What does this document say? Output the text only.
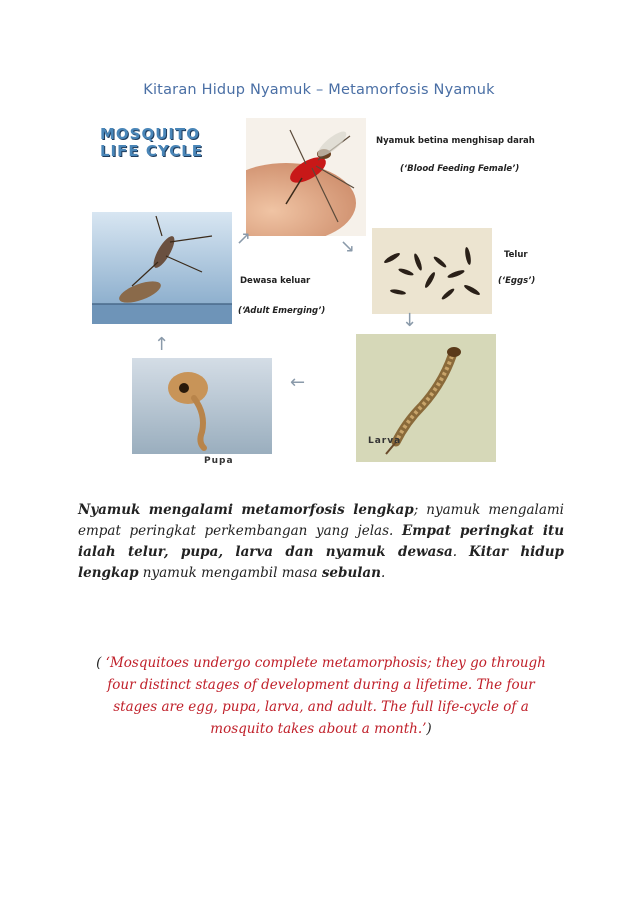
Kitaran Hidup Nyamuk – Metamorfosis Nyamuk
MOSQUITO
LIFE CYCLE
Nyamuk betina menghisap darah
(‘Blood Feeding Female’)
Telur
(‘Eggs’)
Dewasa keluar
(‘Adult Emerging’)
Larva
Pupa
↗	↘
↓
←
↑
Nyamuk mengalami metamorfosis lengkap; nyamuk mengalami empat peringkat perkembangan yang jelas. Empat peringkat itu ialah telur, pupa, larva dan nyamuk dewasa. Kitar hidup lengkap nyamuk mengambil masa sebulan.
( ‘Mosquitoes undergo complete metamorphosis; they go through four distinct stages of development during a lifetime. The four stages are egg, pupa, larva, and adult. The full life-cycle of a mosquito takes about a month.’)
